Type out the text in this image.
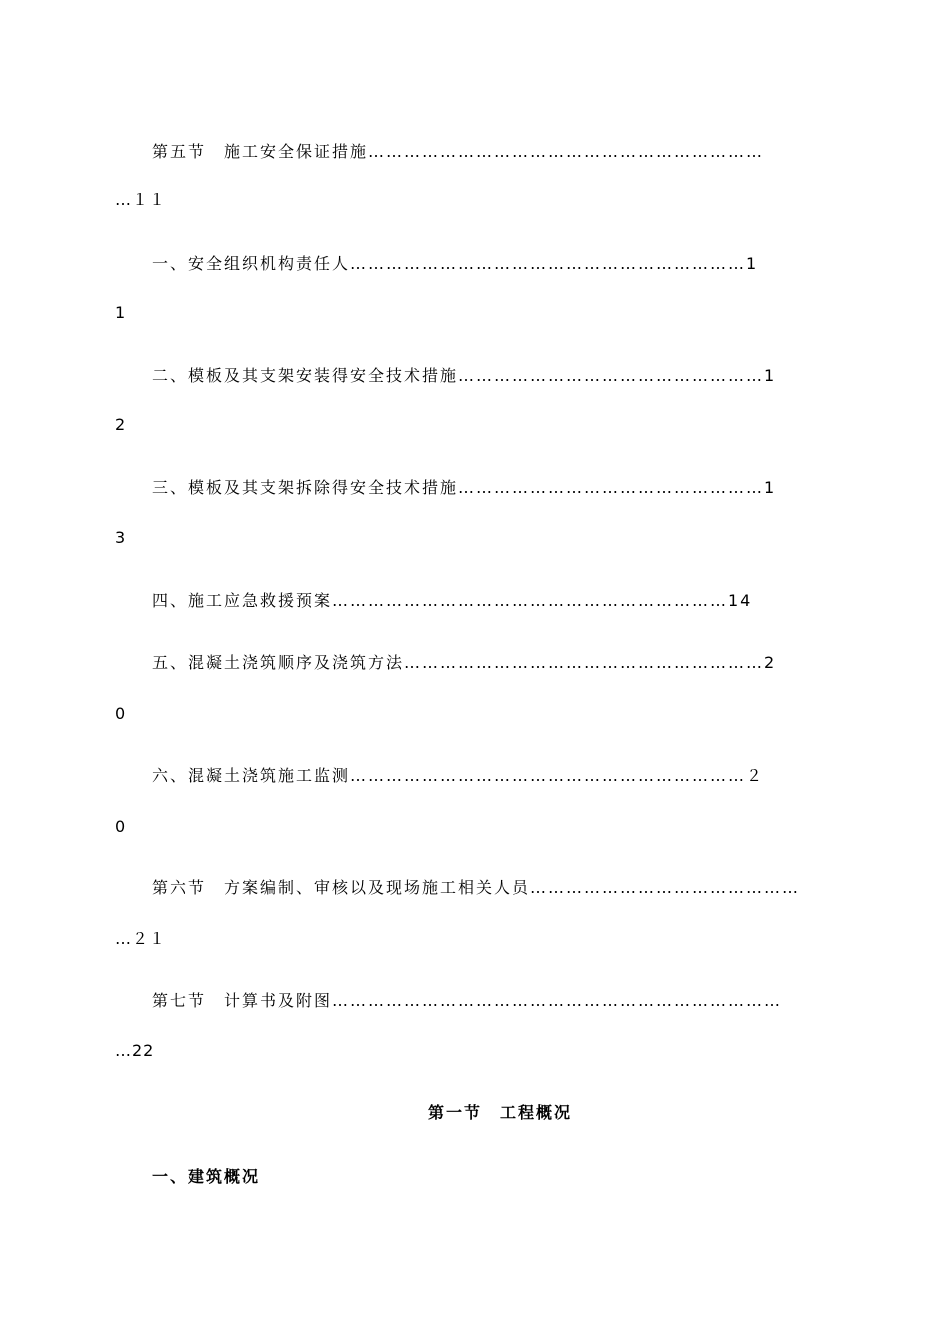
第五节　施工安全保证措施…………………………………………………………
…１１
一、安全组织机构责任人…………………………………………………………1
1
二、模板及其支架安装得安全技术措施……………………………………………1
2
三、模板及其支架拆除得安全技术措施……………………………………………1
3
四、施工应急救援预案…………………………………………………………14
五、混凝土浇筑顺序及浇筑方法……………………………………………………2
0
六、混凝土浇筑施工监测…………………………………………………………２
0
第六节　方案编制、审核以及现场施工相关人员………………………………………
…２１
第七节　计算书及附图…………………………………………………………………
…22
第一节　工程概况
一、建筑概况
